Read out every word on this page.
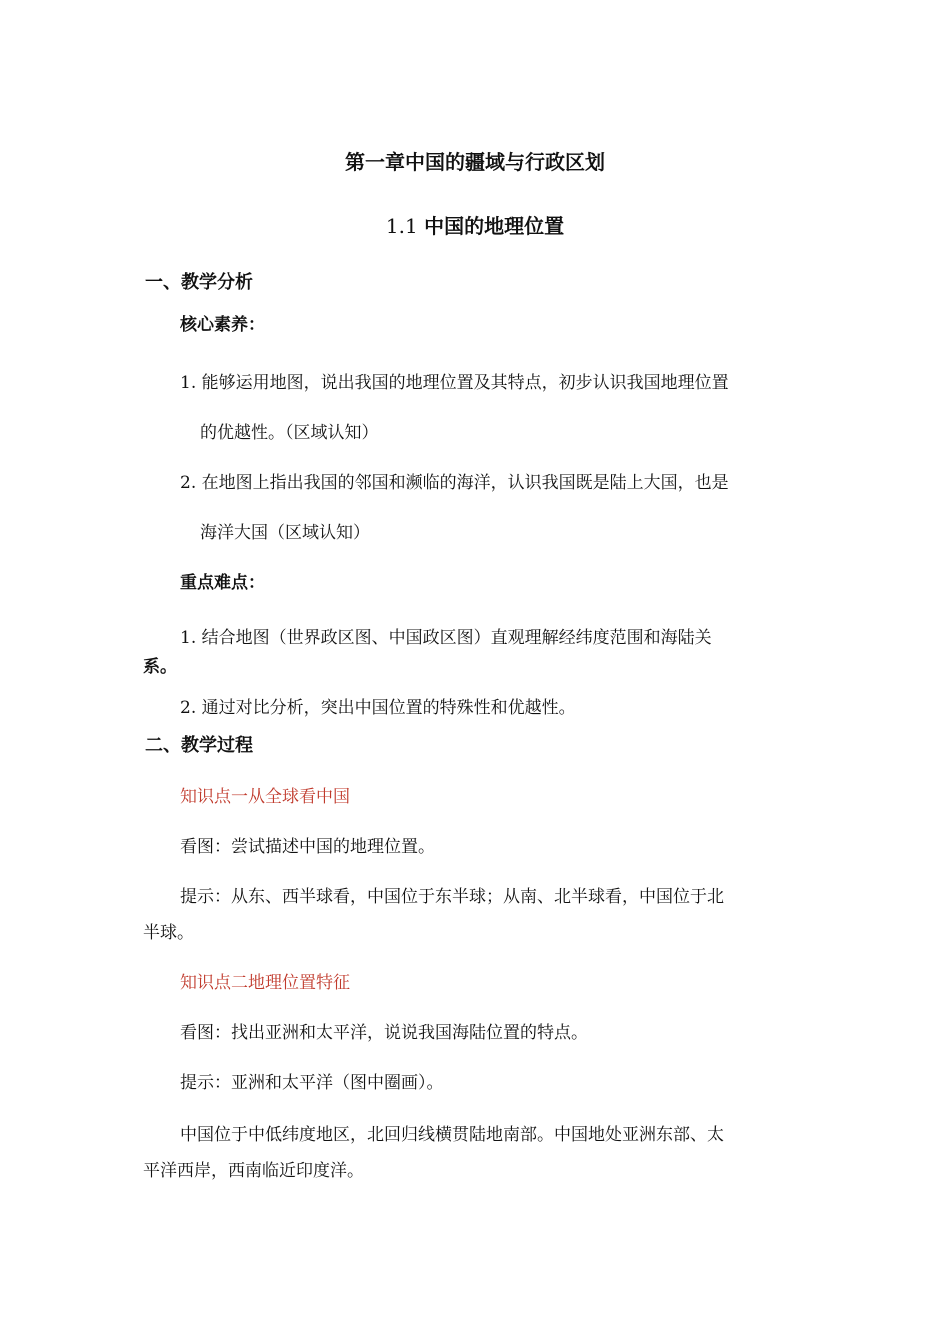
第一章中国的疆域与行政区划
1.1 中国的地理位置
一、教学分析
核心素养：
1. 能够运用地图，说出我国的地理位置及其特点，初步认识我国地理位置
的优越性。（区域认知）
2. 在地图上指出我国的邻国和濒临的海洋，认识我国既是陆上大国，也是
海洋大国（区域认知）
重点难点：
1. 结合地图（世界政区图、中国政区图）直观理解经纬度范围和海陆关
系。
2. 通过对比分析，突出中国位置的特殊性和优越性。
二、教学过程
知识点一从全球看中国
看图：尝试描述中国的地理位置。
提示：从东、西半球看，中国位于东半球；从南、北半球看，中国位于北
半球。
知识点二地理位置特征
看图：找出亚洲和太平洋，说说我国海陆位置的特点。
提示：亚洲和太平洋（图中圈画）。
中国位于中低纬度地区，北回归线横贯陆地南部。中国地处亚洲东部、太
平洋西岸，西南临近印度洋。
